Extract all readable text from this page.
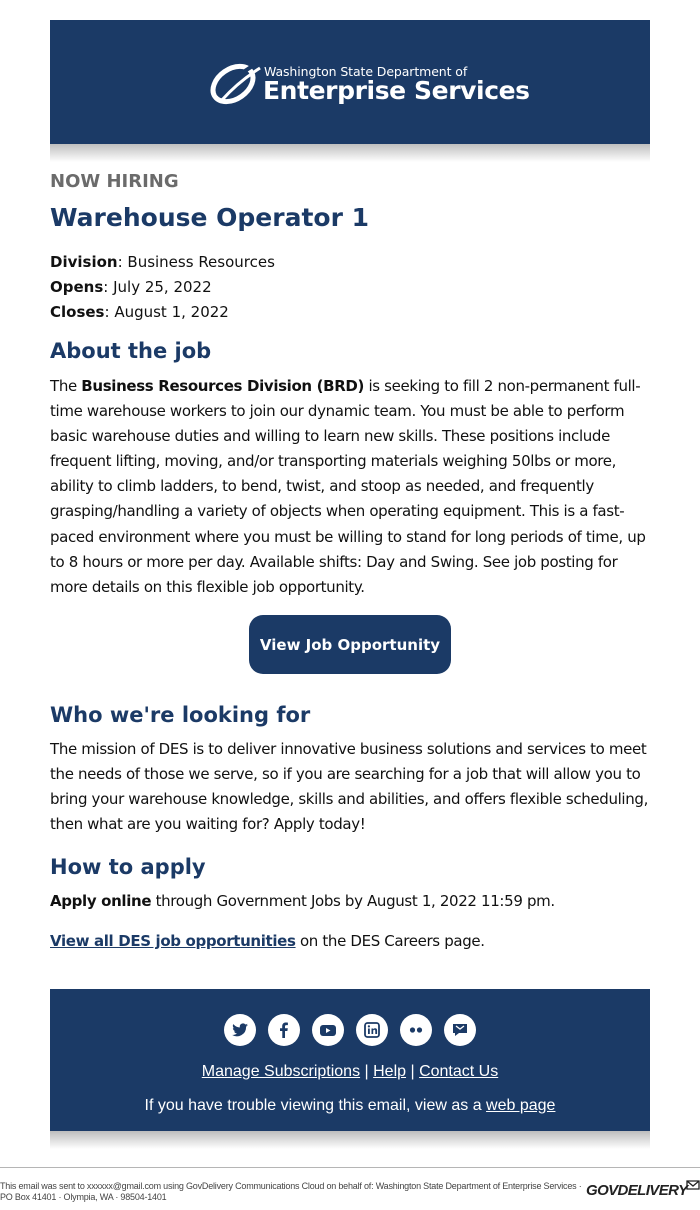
Washington State Department of
Enterprise Services
NOW HIRING
Warehouse Operator 1
Division: Business Resources
Opens: July 25, 2022
Closes: August 1, 2022
About the job
The Business Resources Division (BRD) is seeking to fill 2 non-permanent full-time warehouse workers to join our dynamic team. You must be able to perform basic warehouse duties and willing to learn new skills. These positions include frequent lifting, moving, and/or transporting materials weighing 50lbs or more, ability to climb ladders, to bend, twist, and stoop as needed, and frequently grasping/handling a variety of objects when operating equipment. This is a fast-paced environment where you must be willing to stand for long periods of time, up to 8 hours or more per day. Available shifts: Day and Swing. See job posting for more details on this flexible job opportunity.
View Job Opportunity
Who we're looking for
The mission of DES is to deliver innovative business solutions and services to meet the needs of those we serve, so if you are searching for a job that will allow you to bring your warehouse knowledge, skills and abilities, and offers flexible scheduling, then what are you waiting for? Apply today!
How to apply
Apply online through Government Jobs by August 1, 2022 11:59 pm.
View all DES job opportunities on the DES Careers page.
Manage Subscriptions | Help | Contact Us
If you have trouble viewing this email, view as a web page
This email was sent to xxxxxx@gmail.com using GovDelivery Communications Cloud on behalf of: Washington State Department of Enterprise Services · PO Box 41401 · Olympia, WA · 98504-1401	GOVDELIVERY
